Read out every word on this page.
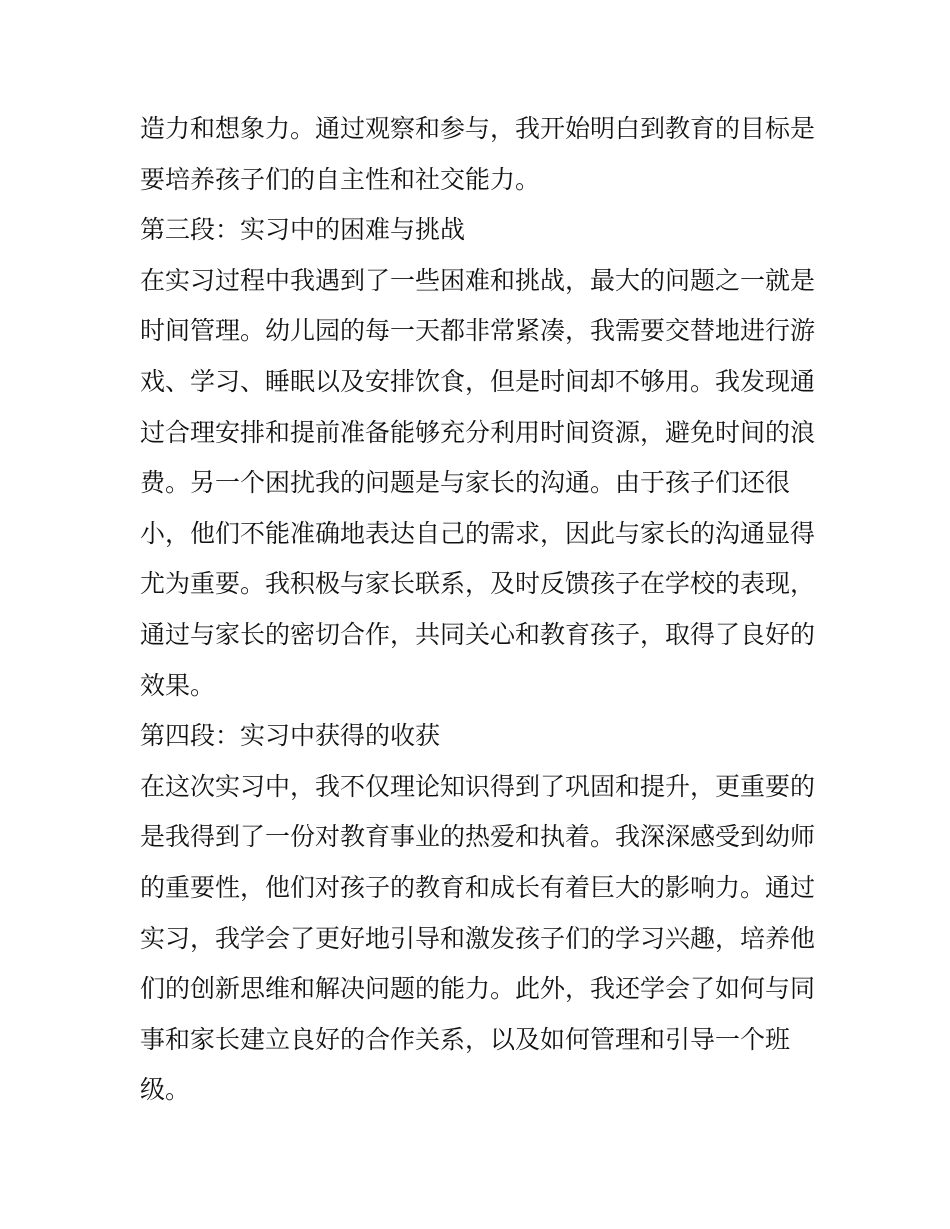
造力和想象力。通过观察和参与，我开始明白到教育的目标是
要培养孩子们的自主性和社交能力。
第三段：实习中的困难与挑战
在实习过程中我遇到了一些困难和挑战，最大的问题之一就是
时间管理。幼儿园的每一天都非常紧凑，我需要交替地进行游
戏、学习、睡眠以及安排饮食，但是时间却不够用。我发现通
过合理安排和提前准备能够充分利用时间资源，避免时间的浪
费。另一个困扰我的问题是与家长的沟通。由于孩子们还很
小，他们不能准确地表达自己的需求，因此与家长的沟通显得
尤为重要。我积极与家长联系，及时反馈孩子在学校的表现，
通过与家长的密切合作，共同关心和教育孩子，取得了良好的
效果。
第四段：实习中获得的收获
在这次实习中，我不仅理论知识得到了巩固和提升，更重要的
是我得到了一份对教育事业的热爱和执着。我深深感受到幼师
的重要性，他们对孩子的教育和成长有着巨大的影响力。通过
实习，我学会了更好地引导和激发孩子们的学习兴趣，培养他
们的创新思维和解决问题的能力。此外，我还学会了如何与同
事和家长建立良好的合作关系，以及如何管理和引导一个班
级。
